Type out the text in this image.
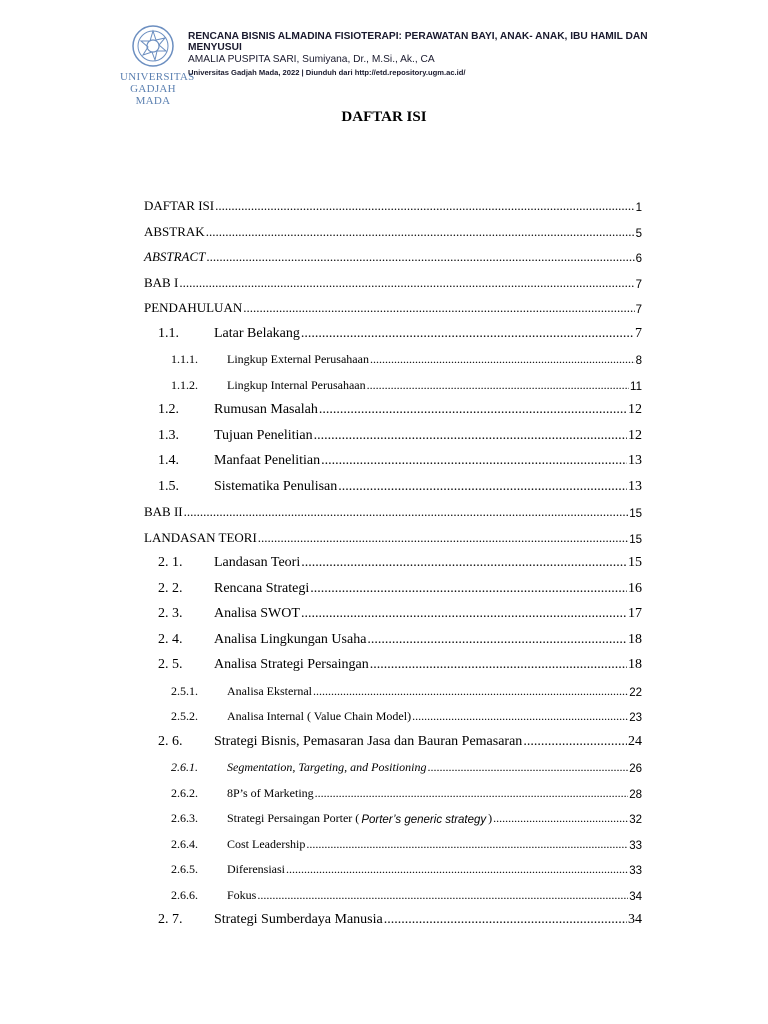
UNIVERSITAS
GADJAH MADA
RENCANA BISNIS ALMADINA FISIOTERAPI: PERAWATAN BAYI, ANAK- ANAK, IBU HAMIL DAN MENYUSUI
AMALIA PUSPITA SARI, Sumiyana, Dr., M.Si., Ak., CA
Universitas Gadjah Mada, 2022 | Diunduh dari http://etd.repository.ugm.ac.id/
DAFTAR ISI
DAFTAR ISI .....	1
ABSTRAK .....	5
ABSTRACT .....	6
BAB I .....	7
PENDAHULUAN .....	7
1.1.	Latar Belakang .....	7
1.1.1.	Lingkup External Perusahaan .....	8
1.1.2.	Lingkup Internal Perusahaan .....	11
1.2.	Rumusan Masalah .....	12
1.3.	Tujuan Penelitian .....	12
1.4.	Manfaat Penelitian .....	13
1.5.	Sistematika Penulisan .....	13
BAB II .....	15
LANDASAN TEORI .....	15
2. 1.	Landasan Teori .....	15
2. 2.	Rencana Strategi .....	16
2. 3.	Analisa SWOT .....	17
2. 4.	Analisa Lingkungan Usaha .....	18
2. 5.	Analisa Strategi Persaingan .....	18
2.5.1.	Analisa Eksternal .....	22
2.5.2.	Analisa Internal ( Value Chain Model) .....	23
2. 6.	Strategi Bisnis, Pemasaran Jasa dan Bauran Pemasaran .....	24
2.6.1.	Segmentation, Targeting, and Positioning .....	26
2.6.2.	8P’s of Marketing .....	28
2.6.3.	Strategi Persaingan Porter ( Porter’s generic strategy ) .....	32
2.6.4.	Cost Leadership .....	33
2.6.5.	Diferensiasi .....	33
2.6.6.	Fokus .....	34
2. 7.	Strategi Sumberdaya Manusia .....	34
